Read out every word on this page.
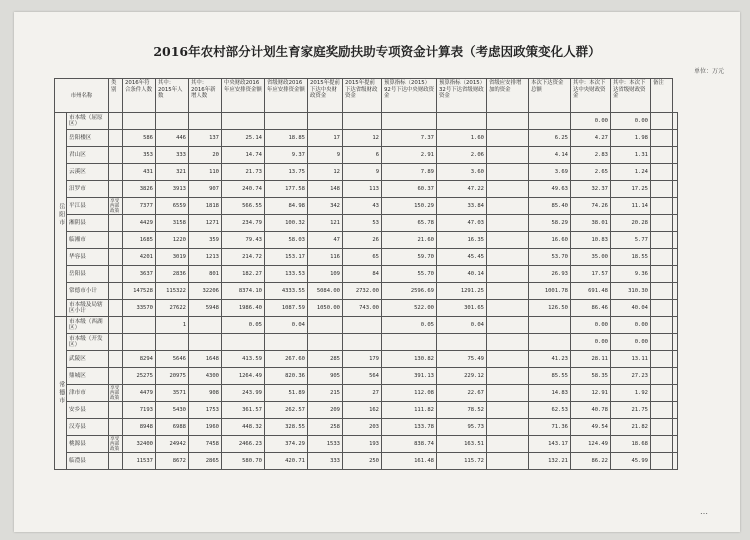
2016年农村部分计划生育家庭奖励扶助专项资金计算表（考虑因政策变化人群）
单位：万元
市州名称		类别	2016年符合条件人数	其中：2015年人数	其中：2016年新增人数	中央财政2016年应安排资金额	省级财政2016年应安排资金额	2015年提前下达中央财政资金	2015年提前下达省级财政资金	预算指标（2015）92号下达中央财政资金	预算指标（2015）32号下达省级财政资金	省级应安排增加的资金	本次下达资金总额	其中：本次下达中央财政资金	其中：本次下达省级财政资金	备注	
岳阳市	市本级（屈原区）													0.00	0.00		
	岳阳楼区		586	446	137	25.14	18.85	17	12	7.37	1.60		6.25	4.27	1.98		
	君山区		353	333	20	14.74	9.37	9	6	2.91	2.06		4.14	2.83	1.31		
	云溪区		431	321	110	21.73	13.75	12	9	7.89	3.60		3.69	2.65	1.24		
	汨罗市		3826	3913	907	240.74	177.58	148	113	60.37	47.22		49.63	32.37	17.25		
	平江县	享受西部政策	7377	6559	1818	566.55	84.98	342	43	150.29	33.84		85.40	74.26	11.14		
	湘阴县		4429	3158	1271	234.79	100.32	121	53	65.78	47.03		58.29	38.01	20.28		
	临湘市		1685	1220	359	79.43	58.03	47	26	21.60	16.35		16.60	10.83	5.77		
	华容县		4201	3019	1213	214.72	153.17	116	65	59.70	45.45		53.70	35.00	18.55		
	岳阳县		3637	2836	801	182.27	133.53	109	84	55.70	40.14		26.93	17.57	9.36		
	常德市小计		147528	115322	32206	8374.10	4333.55	5084.00	2732.00	2596.69	1291.25		1001.78	691.48	310.30		
	市本级及局辖区小计		33570	27622	5948	1986.40	1087.59	1050.00	743.00	522.00	301.65		126.50	86.46	40.04		
常德市	市本级（西湖区）			1		0.05	0.04			0.05	0.04			0.00	0.00		
	市本级（开发区）													0.00	0.00		
	武陵区		8294	5646	1648	413.59	267.60	285	179	130.82	75.49		41.23	28.11	13.11		
	鼎城区		25275	20975	4300	1264.49	820.36	905	564	391.13	229.12		85.55	58.35	27.23		
	津市市	享受西部政策	4479	3571	908	243.99	51.89	215	27	112.08	22.67		14.83	12.91	1.92		
	安乡县		7193	5430	1753	361.57	262.57	209	162	111.82	78.52		62.53	40.78	21.75		
	汉寿县		8948	6988	1960	448.32	328.55	258	203	133.78	95.73		71.36	49.54	21.82		
	桃源县	享受西部政策	32400	24942	7458	2466.23	374.29	1533	193	838.74	163.51		143.17	124.49	18.68		
	临澧县		11537	8672	2865	580.70	420.71	333	250	161.48	115.72		132.21	86.22	45.99		
…
